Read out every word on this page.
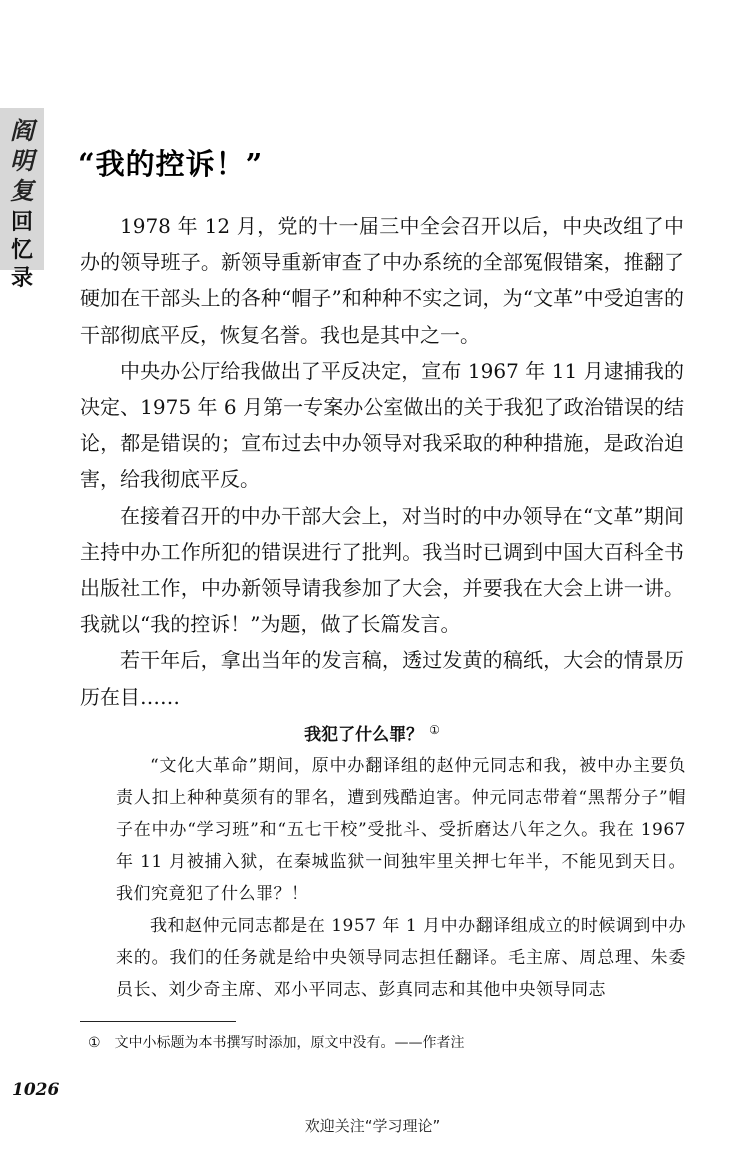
阎
明
复
回
忆
录
“我的控诉！”

1978 年 12 月，党的十一届三中全会召开以后，中央改组了中办的领导班子。新领导重新审查了中办系统的全部冤假错案，推翻了硬加在干部头上的各种“帽子”和种种不实之词，为“文革”中受迫害的干部彻底平反，恢复名誉。我也是其中之一。

中央办公厅给我做出了平反决定，宣布 1967 年 11 月逮捕我的决定、1975 年 6 月第一专案办公室做出的关于我犯了政治错误的结论，都是错误的；宣布过去中办领导对我采取的种种措施，是政治迫害，给我彻底平反。

在接着召开的中办干部大会上，对当时的中办领导在“文革”期间主持中办工作所犯的错误进行了批判。我当时已调到中国大百科全书出版社工作，中办新领导请我参加了大会，并要我在大会上讲一讲。我就以“我的控诉！”为题，做了长篇发言。

若干年后，拿出当年的发言稿，透过发黄的稿纸，大会的情景历历在目……

我犯了什么罪？ ①

“文化大革命”期间，原中办翻译组的赵仲元同志和我，被中办主要负责人扣上种种莫须有的罪名，遭到残酷迫害。仲元同志带着“黑帮分子”帽子在中办“学习班”和“五七干校”受批斗、受折磨达八年之久。我在 1967 年 11 月被捕入狱，在秦城监狱一间独牢里关押七年半，不能见到天日。我们究竟犯了什么罪？！

我和赵仲元同志都是在 1957 年 1 月中办翻译组成立的时候调到中办来的。我们的任务就是给中央领导同志担任翻译。毛主席、周总理、朱委员长、刘少奇主席、邓小平同志、彭真同志和其他中央领导同志

① 文中小标题为本书撰写时添加，原文中没有。——作者注
1026
欢迎关注“学习理论”
